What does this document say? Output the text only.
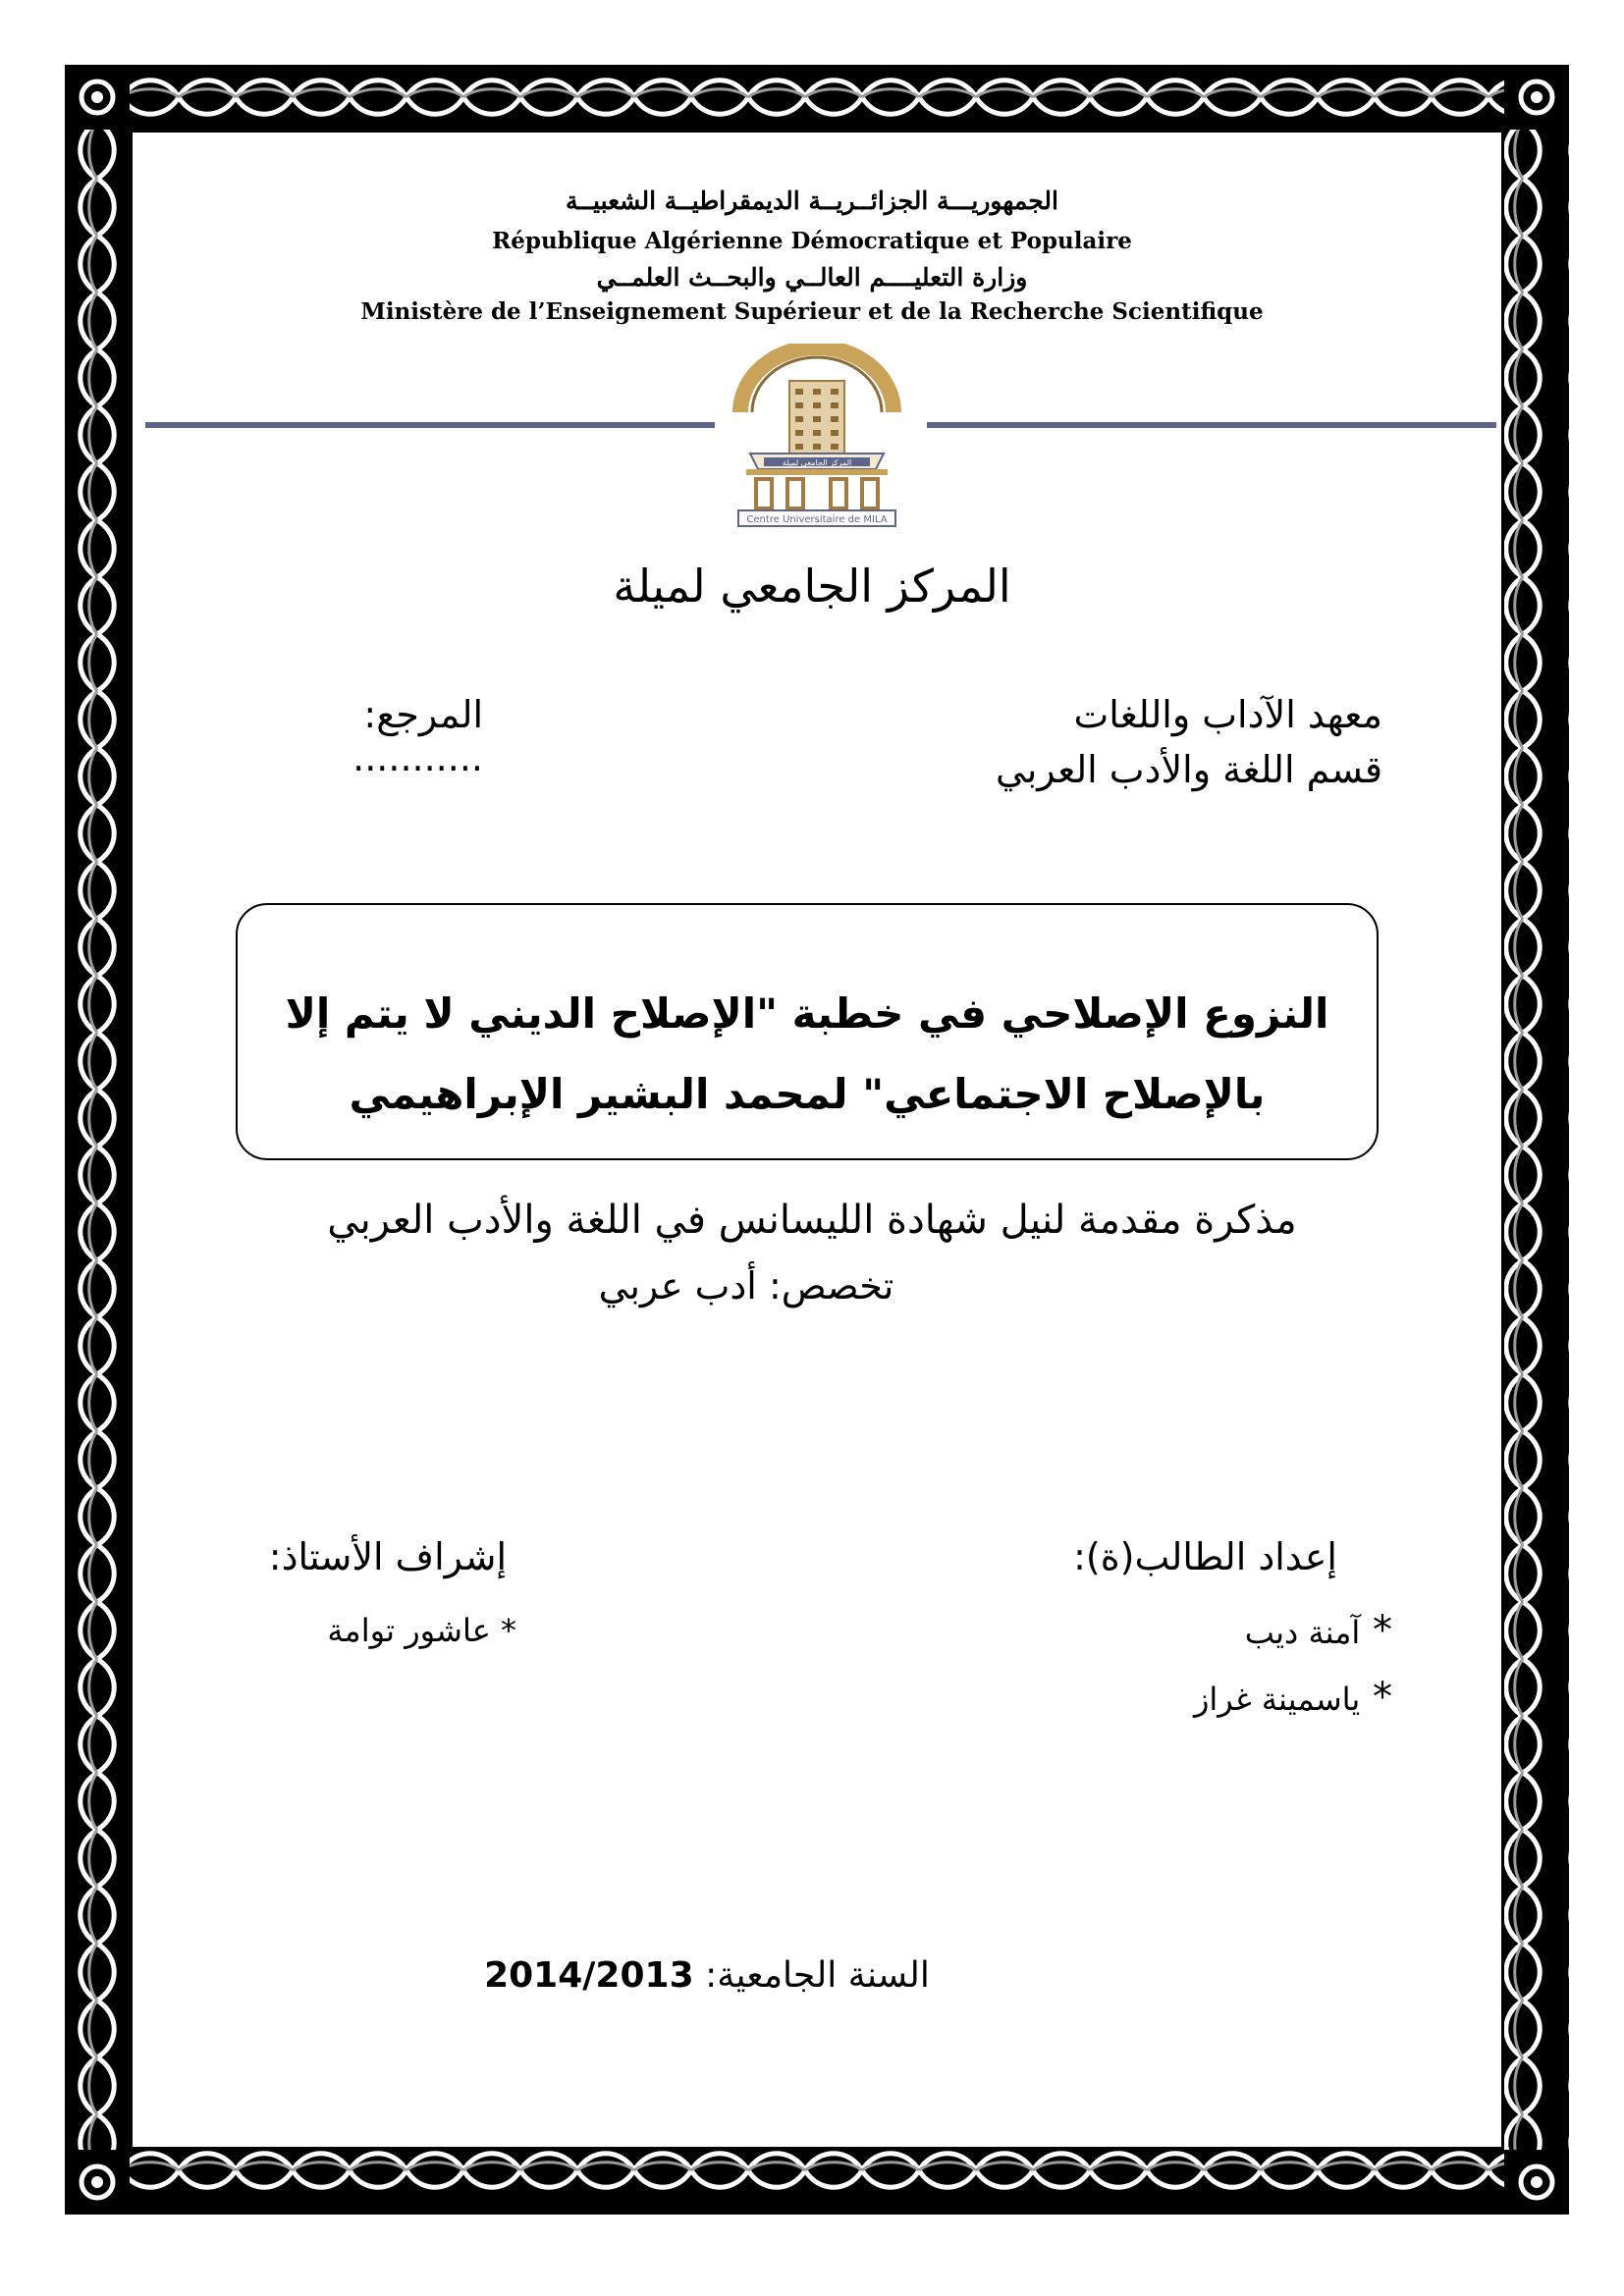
الجمهوريـــة الجزائــريــة الديمقراطيــة الشعبيــة
République Algérienne Démocratique et Populaire
وزارة التعليــــم العالــي والبحــث العلمــي
Ministère de l’Enseignement Supérieur et de la Recherche Scientifique
المركز الجامعي لميلة
Centre Universitaire de MILA
المركز الجامعي لميلة
معهد الآداب واللغات
قسم اللغة والأدب العربي
المرجع: ...........
النزوع الإصلاحي في خطبة "الإصلاح الديني لا يتم إلا
بالإصلاح الاجتماعي" لمحمد البشير الإبراهيمي
مذكرة مقدمة لنيل شهادة الليسانس في اللغة والأدب العربي
تخصص: أدب عربي
إعداد الطالب(ة):
* آمنة ديب
* ياسمينة غراز
إشراف الأستاذ:
* عاشور توامة
السنة الجامعية: 2014/2013
